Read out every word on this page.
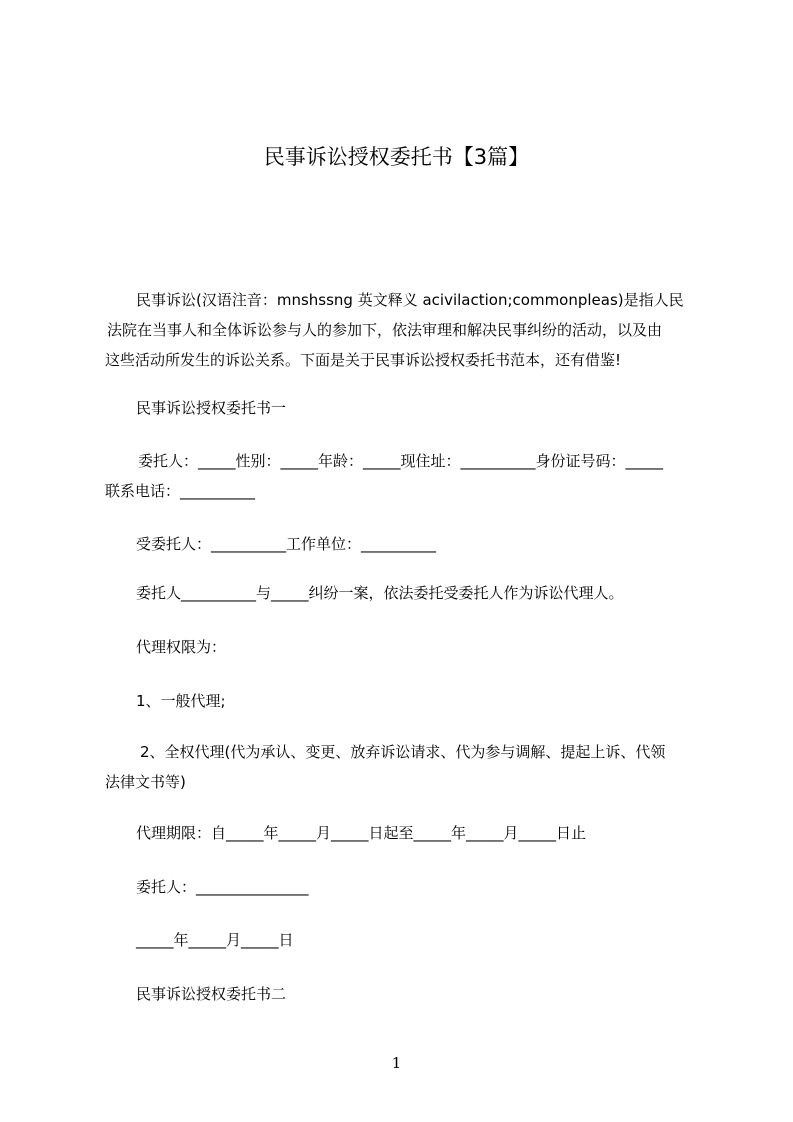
民事诉讼授权委托书【3篇】
民事诉讼(汉语注音：mnshssng 英文释义 acivilaction;commonpleas)是指人民
法院在当事人和全体诉讼参与人的参加下，依法审理和解决民事纠纷的活动，以及由
这些活动所发生的诉讼关系。下面是关于民事诉讼授权委托书范本，还有借鉴!
民事诉讼授权委托书一
委托人：_____性别：_____年龄：_____现住址：__________身份证号码：_____
联系电话：__________
受委托人：__________工作单位：__________
委托人__________与_____纠纷一案，依法委托受委托人作为诉讼代理人。
代理权限为：
1、一般代理;
2、全权代理(代为承认、变更、放弃诉讼请求、代为参与调解、提起上诉、代领
法律文书等)
代理期限：自_____年_____月_____日起至_____年_____月_____日止
委托人：_______________
_____年_____月_____日
民事诉讼授权委托书二
1
